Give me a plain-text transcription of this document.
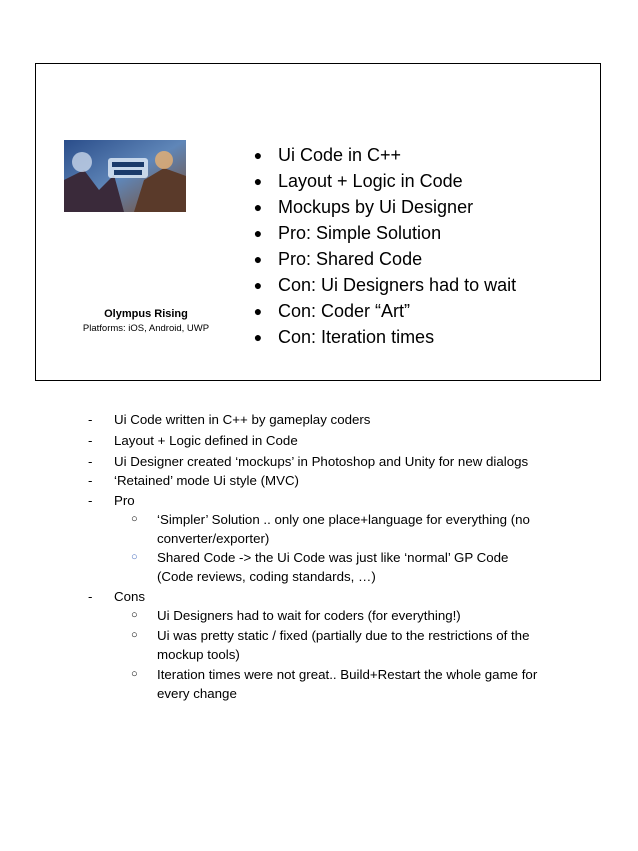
Olympus Rising
Platforms: iOS, Android, UWP
● Ui Code in C++
● Layout + Logic in Code
● Mockups by Ui Designer
● Pro: Simple Solution
● Pro: Shared Code
● Con: Ui Designers had to wait
● Con: Coder “Art”
● Con: Iteration times
- Ui Code written in C++ by gameplay coders
- Layout + Logic defined in Code
- Ui Designer created ‘mockups’ in Photoshop and Unity for new dialogs
- ‘Retained’ mode Ui style (MVC)
- Pro
○ ‘Simpler’ Solution .. only one place+language for everything (no
converter/exporter)
○ Shared Code -> the Ui Code was just like ‘normal’ GP Code
(Code reviews, coding standards, …)
- Cons
○ Ui Designers had to wait for coders (for everything!)
○ Ui was pretty static / fixed (partially due to the restrictions of the
mockup tools)
○ Iteration times were not great.. Build+Restart the whole game for
every change
